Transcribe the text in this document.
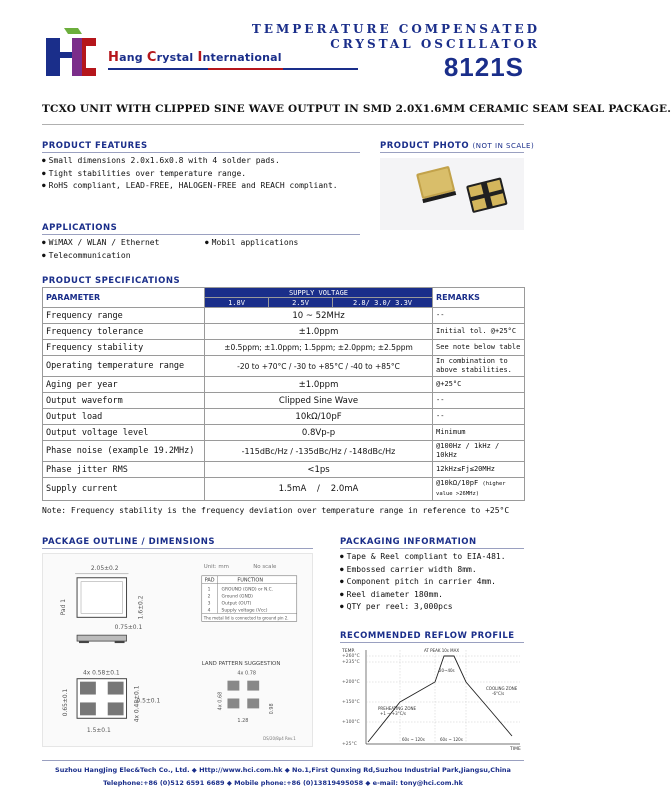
Hang Crystal International
TEMPERATURE COMPENSATED
CRYSTAL OSCILLATOR
8121S
TCXO UNIT WITH CLIPPED SINE WAVE OUTPUT IN SMD 2.0X1.6MM CERAMIC SEAM SEAL PACKAGE.
PRODUCT FEATURES
● Small dimensions 2.0x1.6x0.8 with 4 solder pads.
● Tight stabilities over temperature range.
● RoHS compliant, LEAD-FREE, HALOGEN-FREE and REACH compliant.
PRODUCT PHOTO (NOT IN SCALE)
APPLICATIONS
● WiMAX / WLAN / Ethernet
● Telecommunication
● Mobil applications
PRODUCT SPECIFICATIONS
PARAMETER	SUPPLY VOLTAGE			REMARKS
	1.8V	2.5V	2.8/ 3.0/ 3.3V	
Frequency range	10 ~ 52MHz			--
Frequency tolerance	±1.0ppm			Initial tol. @+25°C
Frequency stability	±0.5ppm; ±1.0ppm; 1.5ppm; ±2.0ppm; ±2.5ppm			See note below table
Operating temperature range	-20 to +70°C / -30 to +85°C / -40 to +85°C			In combination to above stabilities.
Aging per year	±1.0ppm			@+25°C
Output waveform	Clipped Sine Wave			--
Output load	10kΩ/10pF			--
Output voltage level	0.8Vp-p			Minimum
Phase noise (example 19.2MHz)	-115dBc/Hz / -135dBc/Hz / -148dBc/Hz			@100Hz / 1kHz / 10kHz
Phase jitter RMS	<1ps			12kHz≤Fj≤20MHz
Supply current	1.5mA    /    2.0mA			@10kΩ/10pF (higher value >26MHz)
Note: Frequency stability is the frequency deviation over temperature range in reference to +25°C
PACKAGE OUTLINE / DIMENSIONS
Unit: mm	No scale
2.05±0.2
Pad 1	1.6±0.2
0.75±0.1
4x 0.58±0.1
0.65±0.1	4x 0.48±0.1
0.5±0.1
1.5±0.1
PAD	FUNCTION
1 GROUND (GND) or N.C.
2 Ground (GND)
3 Output (OUT)
4 Supply voltage (Vcc)
The metal lid is connected to ground pin 2.
LAND PATTERN SUGGESTION
4x 0.78
4x 0.68	0.98
1.28
DS/20/8p4 Rev.1
PACKAGING INFORMATION
● Tape & Reel compliant to EIA-481.
● Embossed carrier width 8mm.
● Component pitch in carrier 4mm.
● Reel diameter 180mm.
● QTY per reel: 3,000pcs
RECOMMENDED REFLOW PROFILE
TEMP.
TIME
+260°C
+235°C
+200°C
+150°C
+100°C
+25°C
AT PEAK 10s MAX
20~40s
PREHEATING ZONE
+1 ~ +3°C/s
COOLING ZONE
-6°C/s
60s ~ 120s	60s ~ 120s
Suzhou HangJing Elec&Tech Co., Ltd. ◆ Http://www.hci.com.hk ◆ No.1,First Qunxing Rd,Suzhou Industrial Park,Jiangsu,China
Telephone:+86 (0)512 6591 6689 ◆ Mobile phone:+86 (0)13819495058 ◆ e-mail: tony@hci.com.hk
